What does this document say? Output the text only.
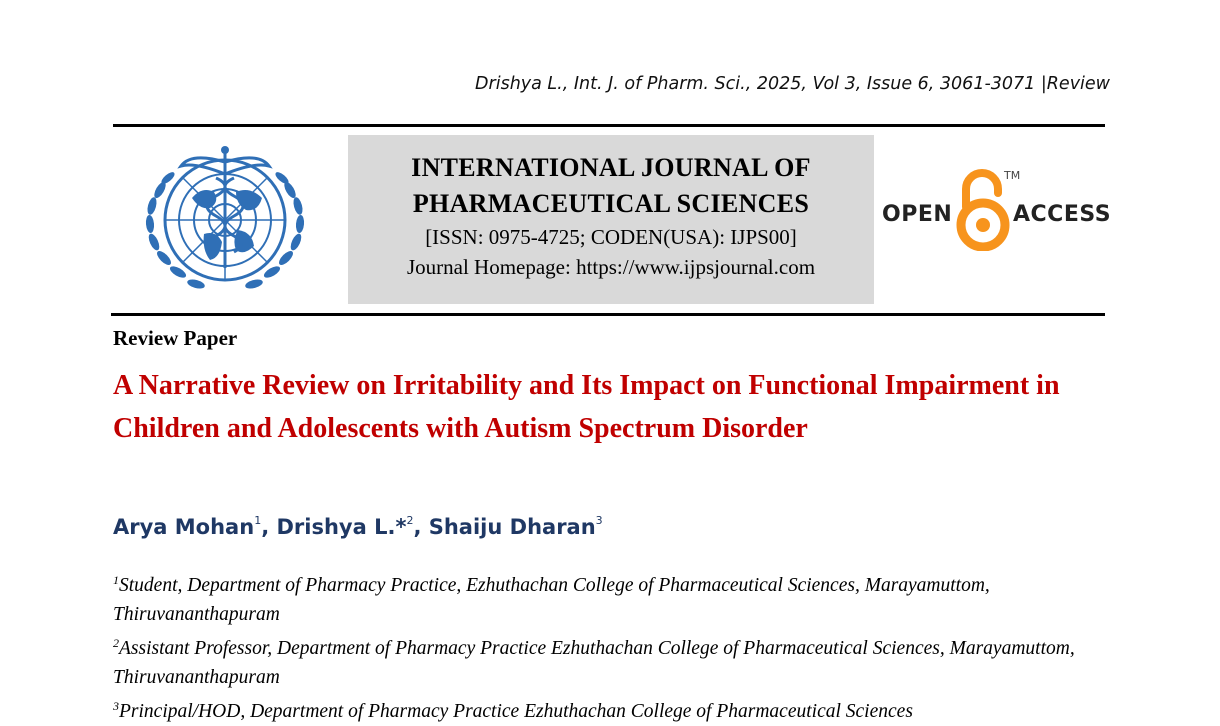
Drishya L., Int. J. of Pharm. Sci., 2025, Vol 3, Issue 6, 3061-3071 |Review
INTERNATIONAL JOURNAL OF
PHARMACEUTICAL SCIENCES
[ISSN: 0975-4725; CODEN(USA): IJPS00]
Journal Homepage: https://www.ijpsjournal.com
OPEN
TM
ACCESS
Review Paper
A Narrative Review on Irritability and Its Impact on Functional Impairment in Children and Adolescents with Autism Spectrum Disorder
Arya Mohan$^1$, Drishya L.*$^2$, Shaiju Dharan$^3$

$^1$Student, Department of Pharmacy Practice, Ezhuthachan College of Pharmaceutical Sciences, Marayamuttom, Thiruvananthapuram

$^2$Assistant Professor, Department of Pharmacy Practice Ezhuthachan College of Pharmaceutical Sciences, Marayamuttom, Thiruvananthapuram

$^3$Principal/HOD, Department of Pharmacy Practice Ezhuthachan College of Pharmaceutical Sciences
